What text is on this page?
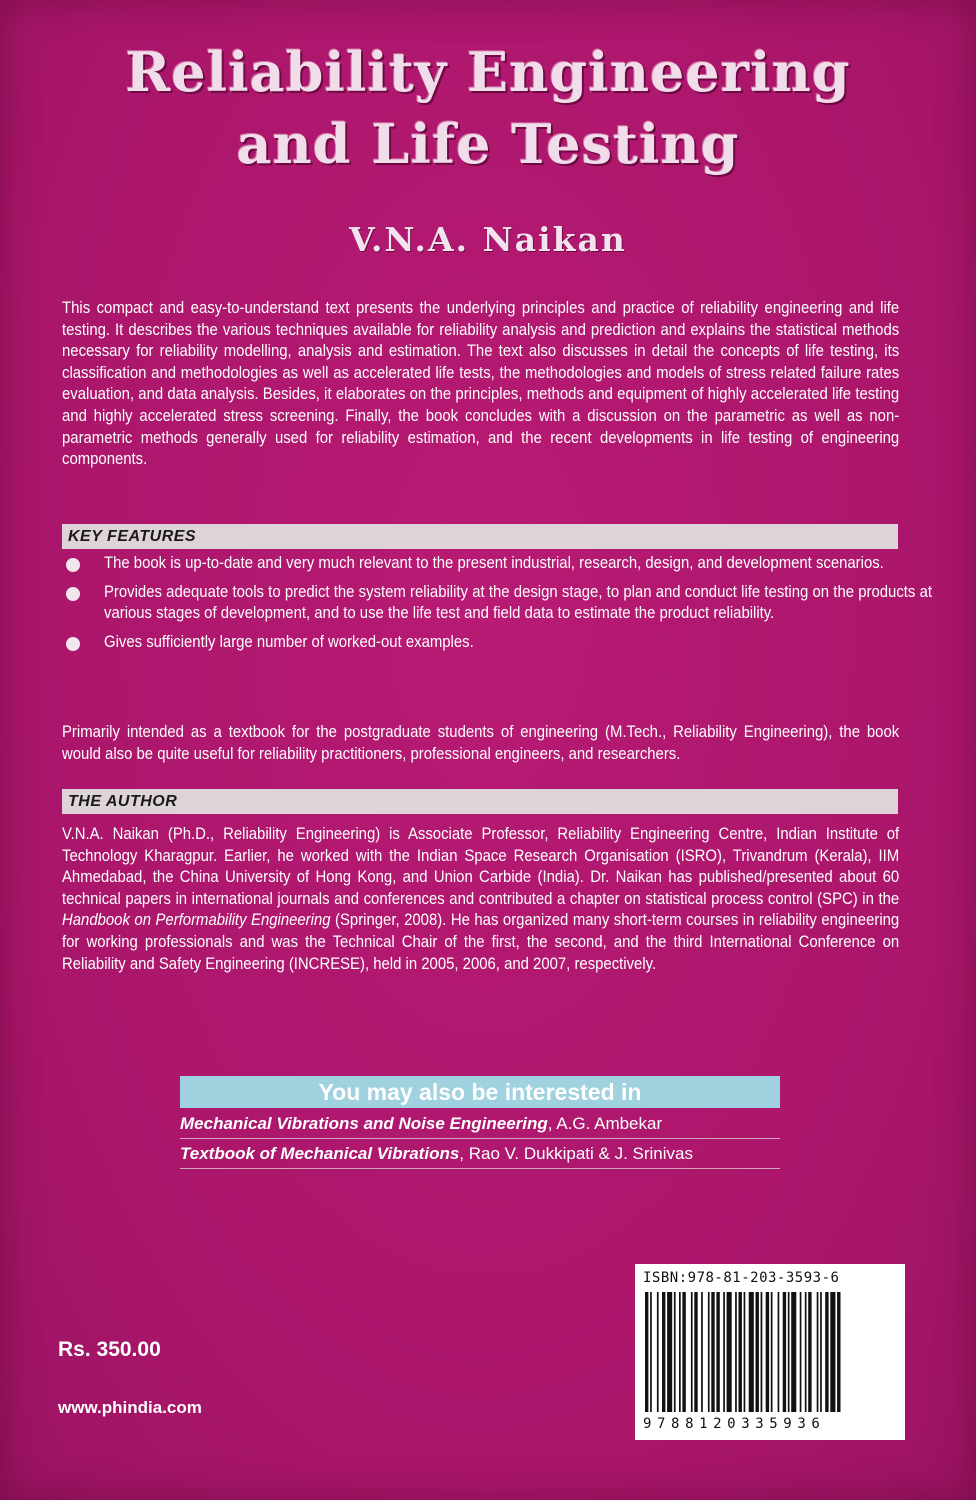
Reliability Engineering
and Life Testing
V.N.A. Naikan

This compact and easy-to-understand text presents the underlying principles and practice of reliability engineering and life testing. It describes the various techniques available for reliability analysis and prediction and explains the statistical methods necessary for reliability modelling, analysis and estimation. The text also discusses in detail the concepts of life testing, its classification and methodologies as well as accelerated life tests, the methodologies and models of stress related failure rates evaluation, and data analysis. Besides, it elaborates on the principles, methods and equipment of highly accelerated life testing and highly accelerated stress screening. Finally, the book concludes with a discussion on the parametric as well as non-parametric methods generally used for reliability estimation, and the recent developments in life testing of engineering components.

KEY FEATURES
The book is up-to-date and very much relevant to the present industrial, research, design, and development scenarios.
Provides adequate tools to predict the system reliability at the design stage, to plan and conduct life testing on the products at various stages of development, and to use the life test and field data to estimate the product reliability.
Gives sufficiently large number of worked-out examples.

Primarily intended as a textbook for the postgraduate students of engineering (M.Tech., Reliability Engineering), the book would also be quite useful for reliability practitioners, professional engineers, and researchers.

THE AUTHOR

V.N.A. Naikan (Ph.D., Reliability Engineering) is Associate Professor, Reliability Engineering Centre, Indian Institute of Technology Kharagpur. Earlier, he worked with the Indian Space Research Organisation (ISRO), Trivandrum (Kerala), IIM Ahmedabad, the China University of Hong Kong, and Union Carbide (India). Dr. Naikan has published/presented about 60 technical papers in international journals and conferences and contributed a chapter on statistical process control (SPC) in the Handbook on Performability Engineering (Springer, 2008). He has organized many short-term courses in reliability engineering for working professionals and was the Technical Chair of the first, the second, and the third International Conference on Reliability and Safety Engineering (INCRESE), held in 2005, 2006, and 2007, respectively.

You may also be interested in
Mechanical Vibrations and Noise Engineering, A.G. Ambekar
Textbook of Mechanical Vibrations, Rao V. Dukkipati & J. Srinivas
ISBN:978-81-203-3593-6
9788120335936
Rs. 350.00
www.phindia.com
